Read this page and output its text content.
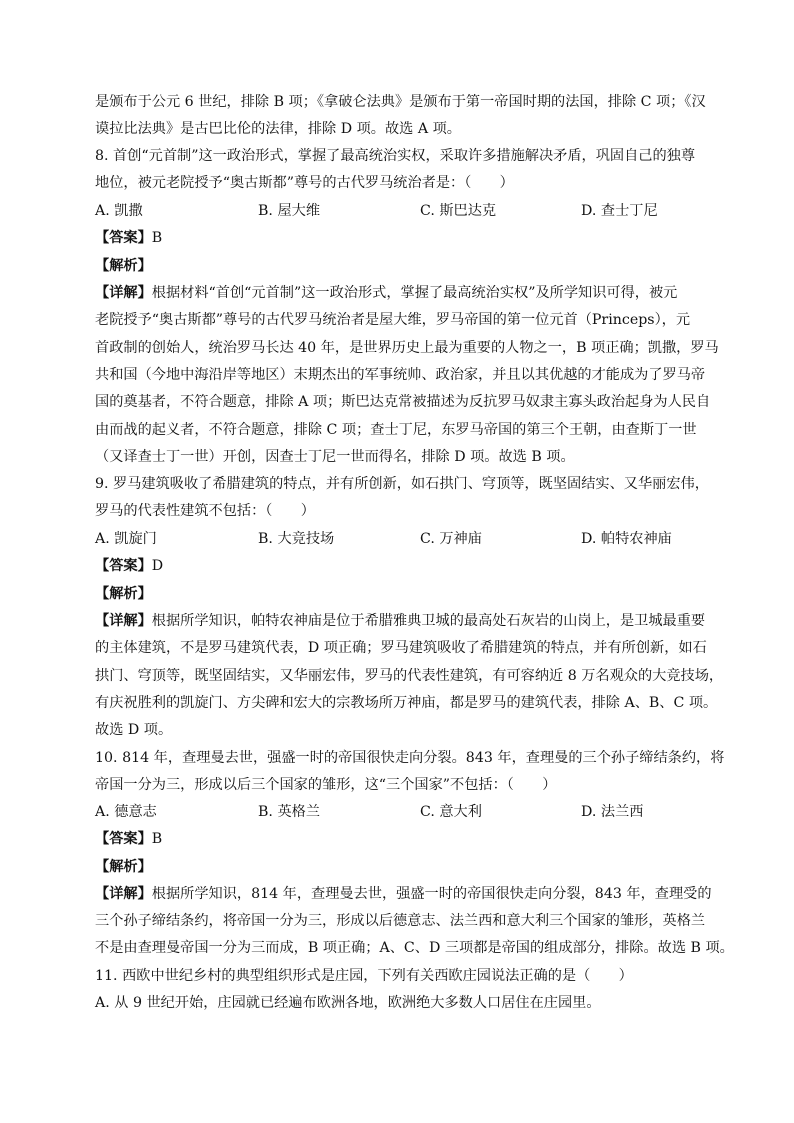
是颁布于公元 6 世纪，排除 B 项；《拿破仑法典》是颁布于第一帝国时期的法国，排除 C 项；《汉
谟拉比法典》是古巴比伦的法律，排除 D 项。故选 A 项。
8. 首创“元首制”这一政治形式，掌握了最高统治实权，采取许多措施解决矛盾，巩固自己的独尊
地位，被元老院授予“奥古斯都”尊号的古代罗马统治者是：（　　）
A. 凯撒	B. 屋大维	C. 斯巴达克	D. 查士丁尼
【答案】B
【解析】
【详解】根据材料“首创“元首制”这一政治形式，掌握了最高统治实权”及所学知识可得，被元
老院授予“奥古斯都”尊号的古代罗马统治者是屋大维，罗马帝国的第一位元首（Princeps），元
首政制的创始人，统治罗马长达 40 年，是世界历史上最为重要的人物之一，B 项正确；凯撒，罗马
共和国（今地中海沿岸等地区）末期杰出的军事统帅、政治家，并且以其优越的才能成为了罗马帝
国的奠基者，不符合题意，排除 A 项；斯巴达克常被描述为反抗罗马奴隶主寡头政治起身为人民自
由而战的起义者，不符合题意，排除 C 项；查士丁尼，东罗马帝国的第三个王朝，由查斯丁一世
（又译查士丁一世）开创，因查士丁尼一世而得名，排除 D 项。故选 B 项。
9. 罗马建筑吸收了希腊建筑的特点，并有所创新，如石拱门、穹顶等，既坚固结实、又华丽宏伟，
罗马的代表性建筑不包括：（　　）
A. 凯旋门	B. 大竞技场	C. 万神庙	D. 帕特农神庙
【答案】D
【解析】
【详解】根据所学知识，帕特农神庙是位于希腊雅典卫城的最高处石灰岩的山岗上，是卫城最重要
的主体建筑，不是罗马建筑代表，D 项正确；罗马建筑吸收了希腊建筑的特点，并有所创新，如石
拱门、穹顶等，既坚固结实，又华丽宏伟，罗马的代表性建筑，有可容纳近 8 万名观众的大竞技场，
有庆祝胜利的凯旋门、方尖碑和宏大的宗教场所万神庙，都是罗马的建筑代表，排除 A、B、C 项。
故选 D 项。
10. 814 年，查理曼去世，强盛一时的帝国很快走向分裂。843 年，查理曼的三个孙子缔结条约，将
帝国一分为三，形成以后三个国家的雏形，这“三个国家”不包括：（　　）
A. 德意志	B. 英格兰	C. 意大利	D. 法兰西
【答案】B
【解析】
【详解】根据所学知识，814 年，查理曼去世，强盛一时的帝国很快走向分裂，843 年，查理受的
三个孙子缔结条约，将帝国一分为三，形成以后德意志、法兰西和意大利三个国家的雏形，英格兰
不是由查理曼帝国一分为三而成，B 项正确；A、C、D 三项都是帝国的组成部分，排除。故选 B 项。
11. 西欧中世纪乡村的典型组织形式是庄园，下列有关西欧庄园说法正确的是（　　）
A. 从 9 世纪开始，庄园就已经遍布欧洲各地，欧洲绝大多数人口居住在庄园里。
